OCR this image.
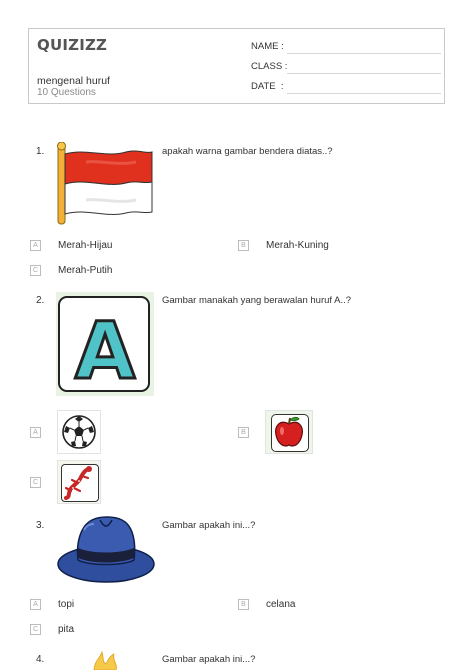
QUIZIZZ
mengenal huruf
10 Questions
NAME :
CLASS :
DATE  :
1.	apakah warna gambar bendera diatas..?
A	Merah-Hijau	B	Merah-Kuning
C Merah-Putih
2.
A
Gambar manakah yang berawalan huruf A..?
A	B
C
3.	Gambar apakah ini...?
A	topi	B	celana
C pita
4.	Gambar apakah ini...?
